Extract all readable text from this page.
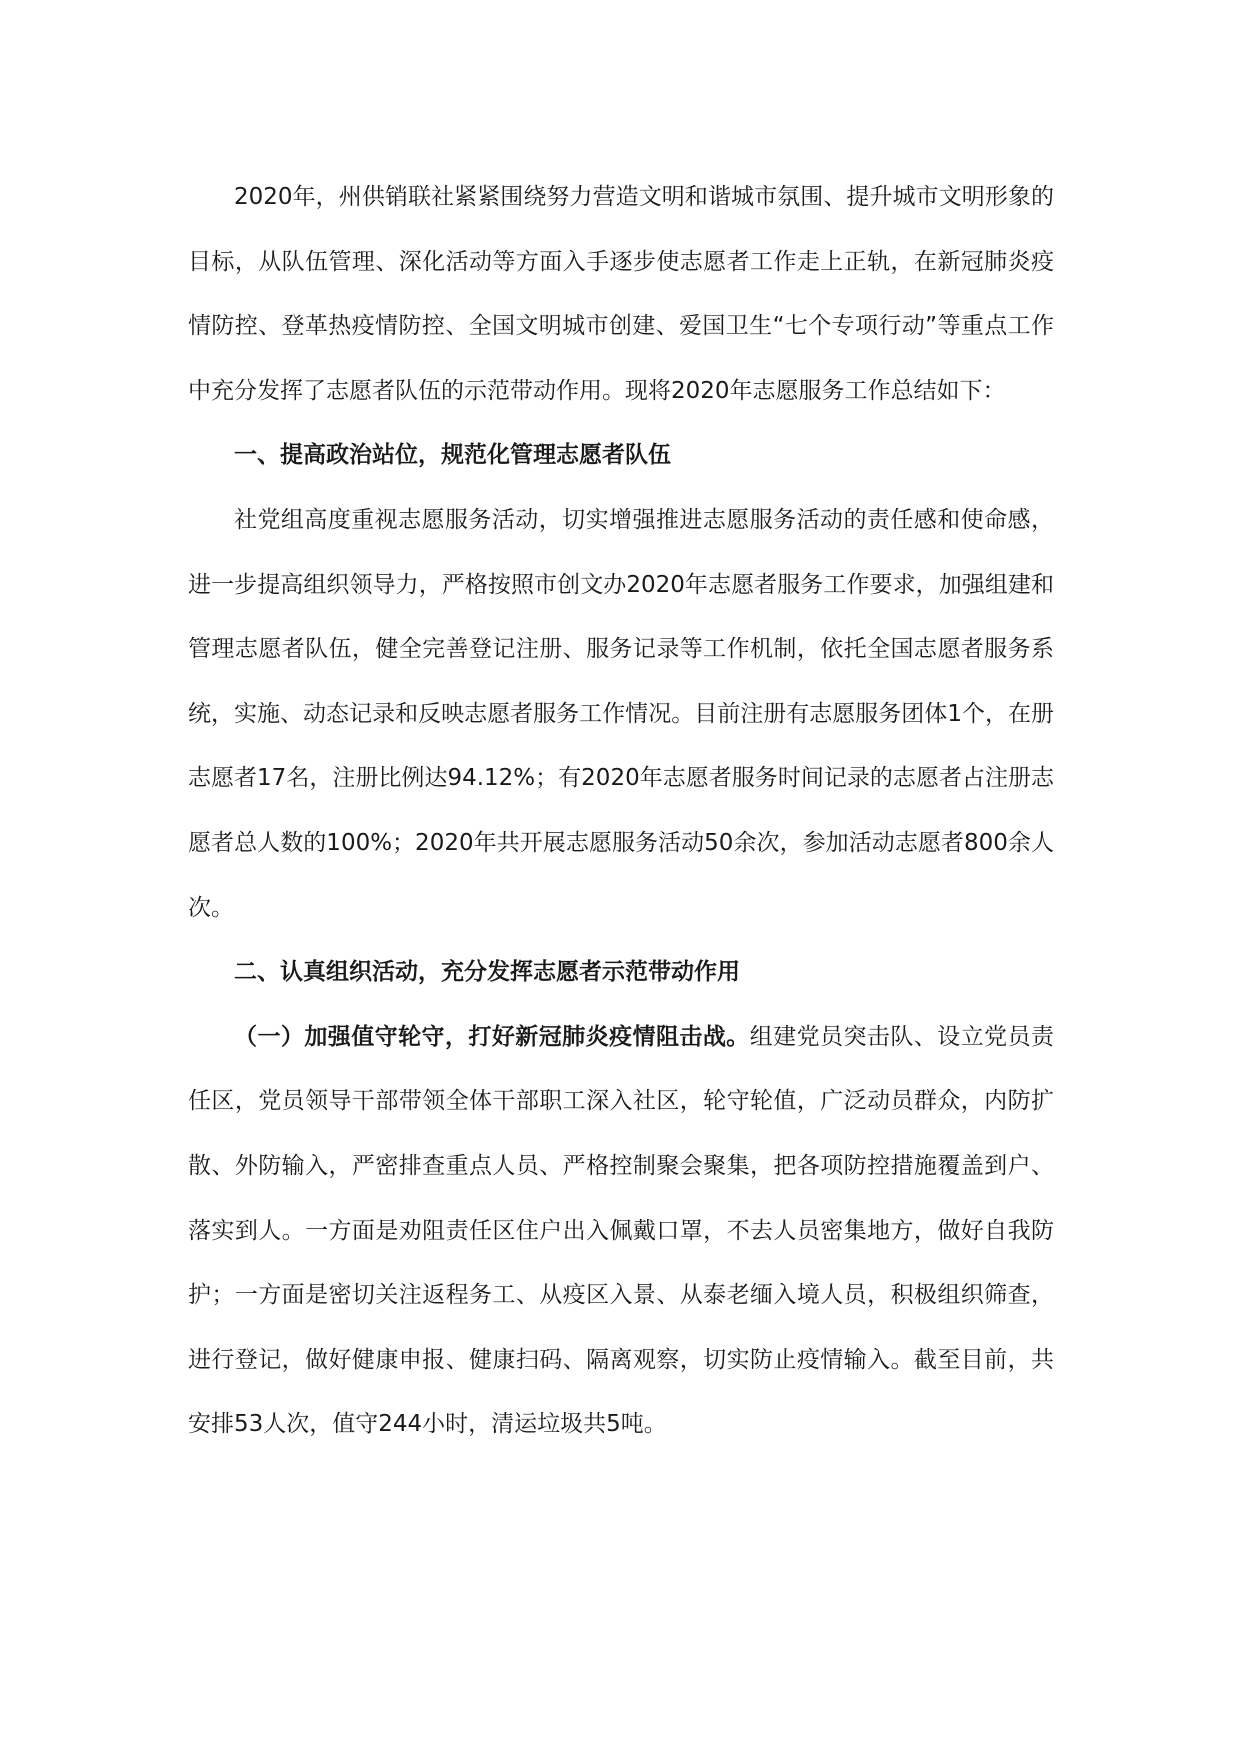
2020年，州供销联社紧紧围绕努力营造文明和谐城市氛围、提升城市文明形象的目标，从队伍管理、深化活动等方面入手逐步使志愿者工作走上正轨，在新冠肺炎疫情防控、登革热疫情防控、全国文明城市创建、爱国卫生“七个专项行动”等重点工作中充分发挥了志愿者队伍的示范带动作用。现将2020年志愿服务工作总结如下：

一、提高政治站位，规范化管理志愿者队伍

社党组高度重视志愿服务活动，切实增强推进志愿服务活动的责任感和使命感，进一步提高组织领导力，严格按照市创文办2020年志愿者服务工作要求，加强组建和管理志愿者队伍，健全完善登记注册、服务记录等工作机制，依托全国志愿者服务系统，实施、动态记录和反映志愿者服务工作情况。目前注册有志愿服务团体1个，在册志愿者17名，注册比例达94.12%；有2020年志愿者服务时间记录的志愿者占注册志愿者总人数的100%；2020年共开展志愿服务活动50余次，参加活动志愿者800余人次。

二、认真组织活动，充分发挥志愿者示范带动作用

（一）加强值守轮守，打好新冠肺炎疫情阻击战。组建党员突击队、设立党员责任区，党员领导干部带领全体干部职工深入社区，轮守轮值，广泛动员群众，内防扩散、外防输入，严密排查重点人员、严格控制聚会聚集，把各项防控措施覆盖到户、落实到人。一方面是劝阻责任区住户出入佩戴口罩，不去人员密集地方，做好自我防护；一方面是密切关注返程务工、从疫区入景、从泰老缅入境人员，积极组织筛查，进行登记，做好健康申报、健康扫码、隔离观察，切实防止疫情输入。截至目前，共安排53人次，值守244小时，清运垃圾共5吨。
